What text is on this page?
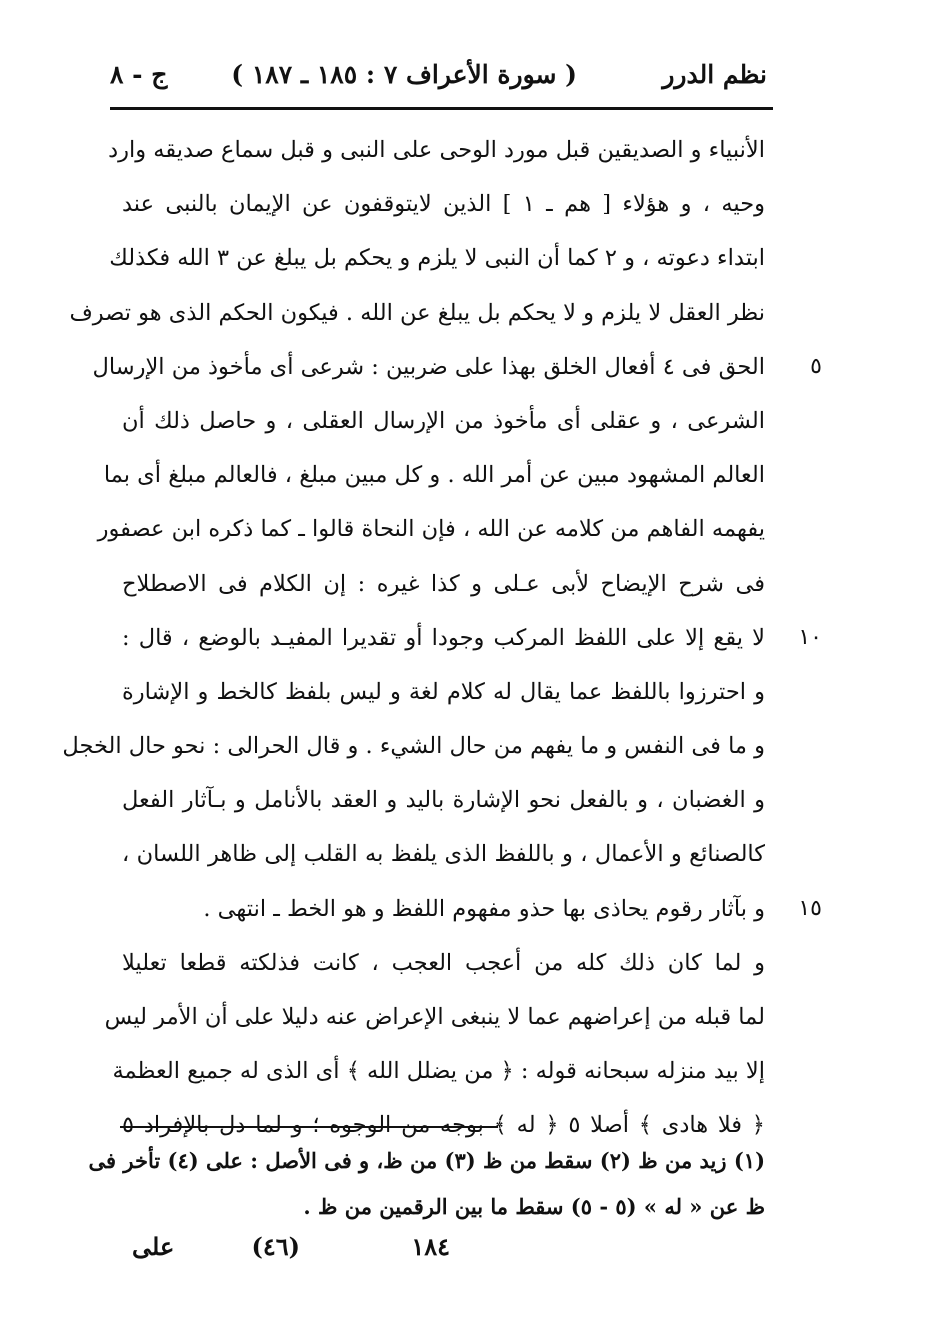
نظم الدرر
( سورة الأعراف ٧ : ١٨٥ ـ ١٨٧ )
ج - ٨
الأنبياء و الصديقين قبل مورد الوحى على النبى و قبل سماع صديقه وارد
وحيه ، و هؤلاء [ هم ـ ١ ] الذين لايتوقفون عن الإيمان بالنبى عند
ابتداء دعوته ، و ٢ كما أن النبى لا يلزم و يحكم بل يبلغ عن ٣ الله فكذلك
نظر العقل لا يلزم و لا يحكم بل يبلغ عن الله . فيكون الحكم الذى هو تصرف
٥
الحق فى ٤ أفعال الخلق بهذا على ضربين : شرعى أى مأخوذ من الإرسال
الشرعى ، و عقلى أى مأخوذ من الإرسال العقلى ، و حاصل ذلك أن
العالم المشهود مبين عن أمر الله . و كل مبين مبلغ ، فالعالم مبلغ أى بما
يفهمه الفاهم من كلامه عن الله ، فإن النحاة قالوا ـ كما ذكره ابن عصفور
فى شرح الإيضاح لأبى عـلى و كذا غيره : إن الكلام فى الاصطلاح
١٠
لا يقع إلا على اللفظ المركب وجودا أو تقديرا المفيـد بالوضع ، قال :
و احترزوا باللفظ عما يقال له كلام لغة و ليس بلفظ كالخط و الإشارة
و ما فى النفس و ما يفهم من حال الشيء . و قال الحرالى : نحو حال الخجل
و الغضبان ، و بالفعل نحو الإشارة باليد و العقد بالأنامل و بـآثار الفعل
كالصنائع و الأعمال ، و باللفظ الذى يلفظ به القلب إلى ظاهر اللسان ،
١٥
و بآثار رقوم يحاذى بها حذو مفهوم اللفظ و هو الخط ـ انتهى .
و لما كان ذلك كله من أعجب العجب ، كانت فذلكته قطعا تعليلا
لما قبله من إعراضهم عما لا ينبغى الإعراض عنه دليلا على أن الأمر ليس
إلا بيد منزله سبحانه قوله : ﴿ من يضلل الله ﴾ أى الذى له جميع العظمة
﴿ فلا هادى ﴾ أصلا ٥ ﴿ له ﴾ بوجه من الوجوه ؛ و لما دل بالإفراد ٥
(١) زيد من ظ (٢) سقط من ظ (٣) من ظ، و فى الأصل : على (٤) تأخر فى
ظ عن « له » (٥ - ٥) سقط ما بين الرقمين من ظ .
١٨٤
(٤٦)
على
